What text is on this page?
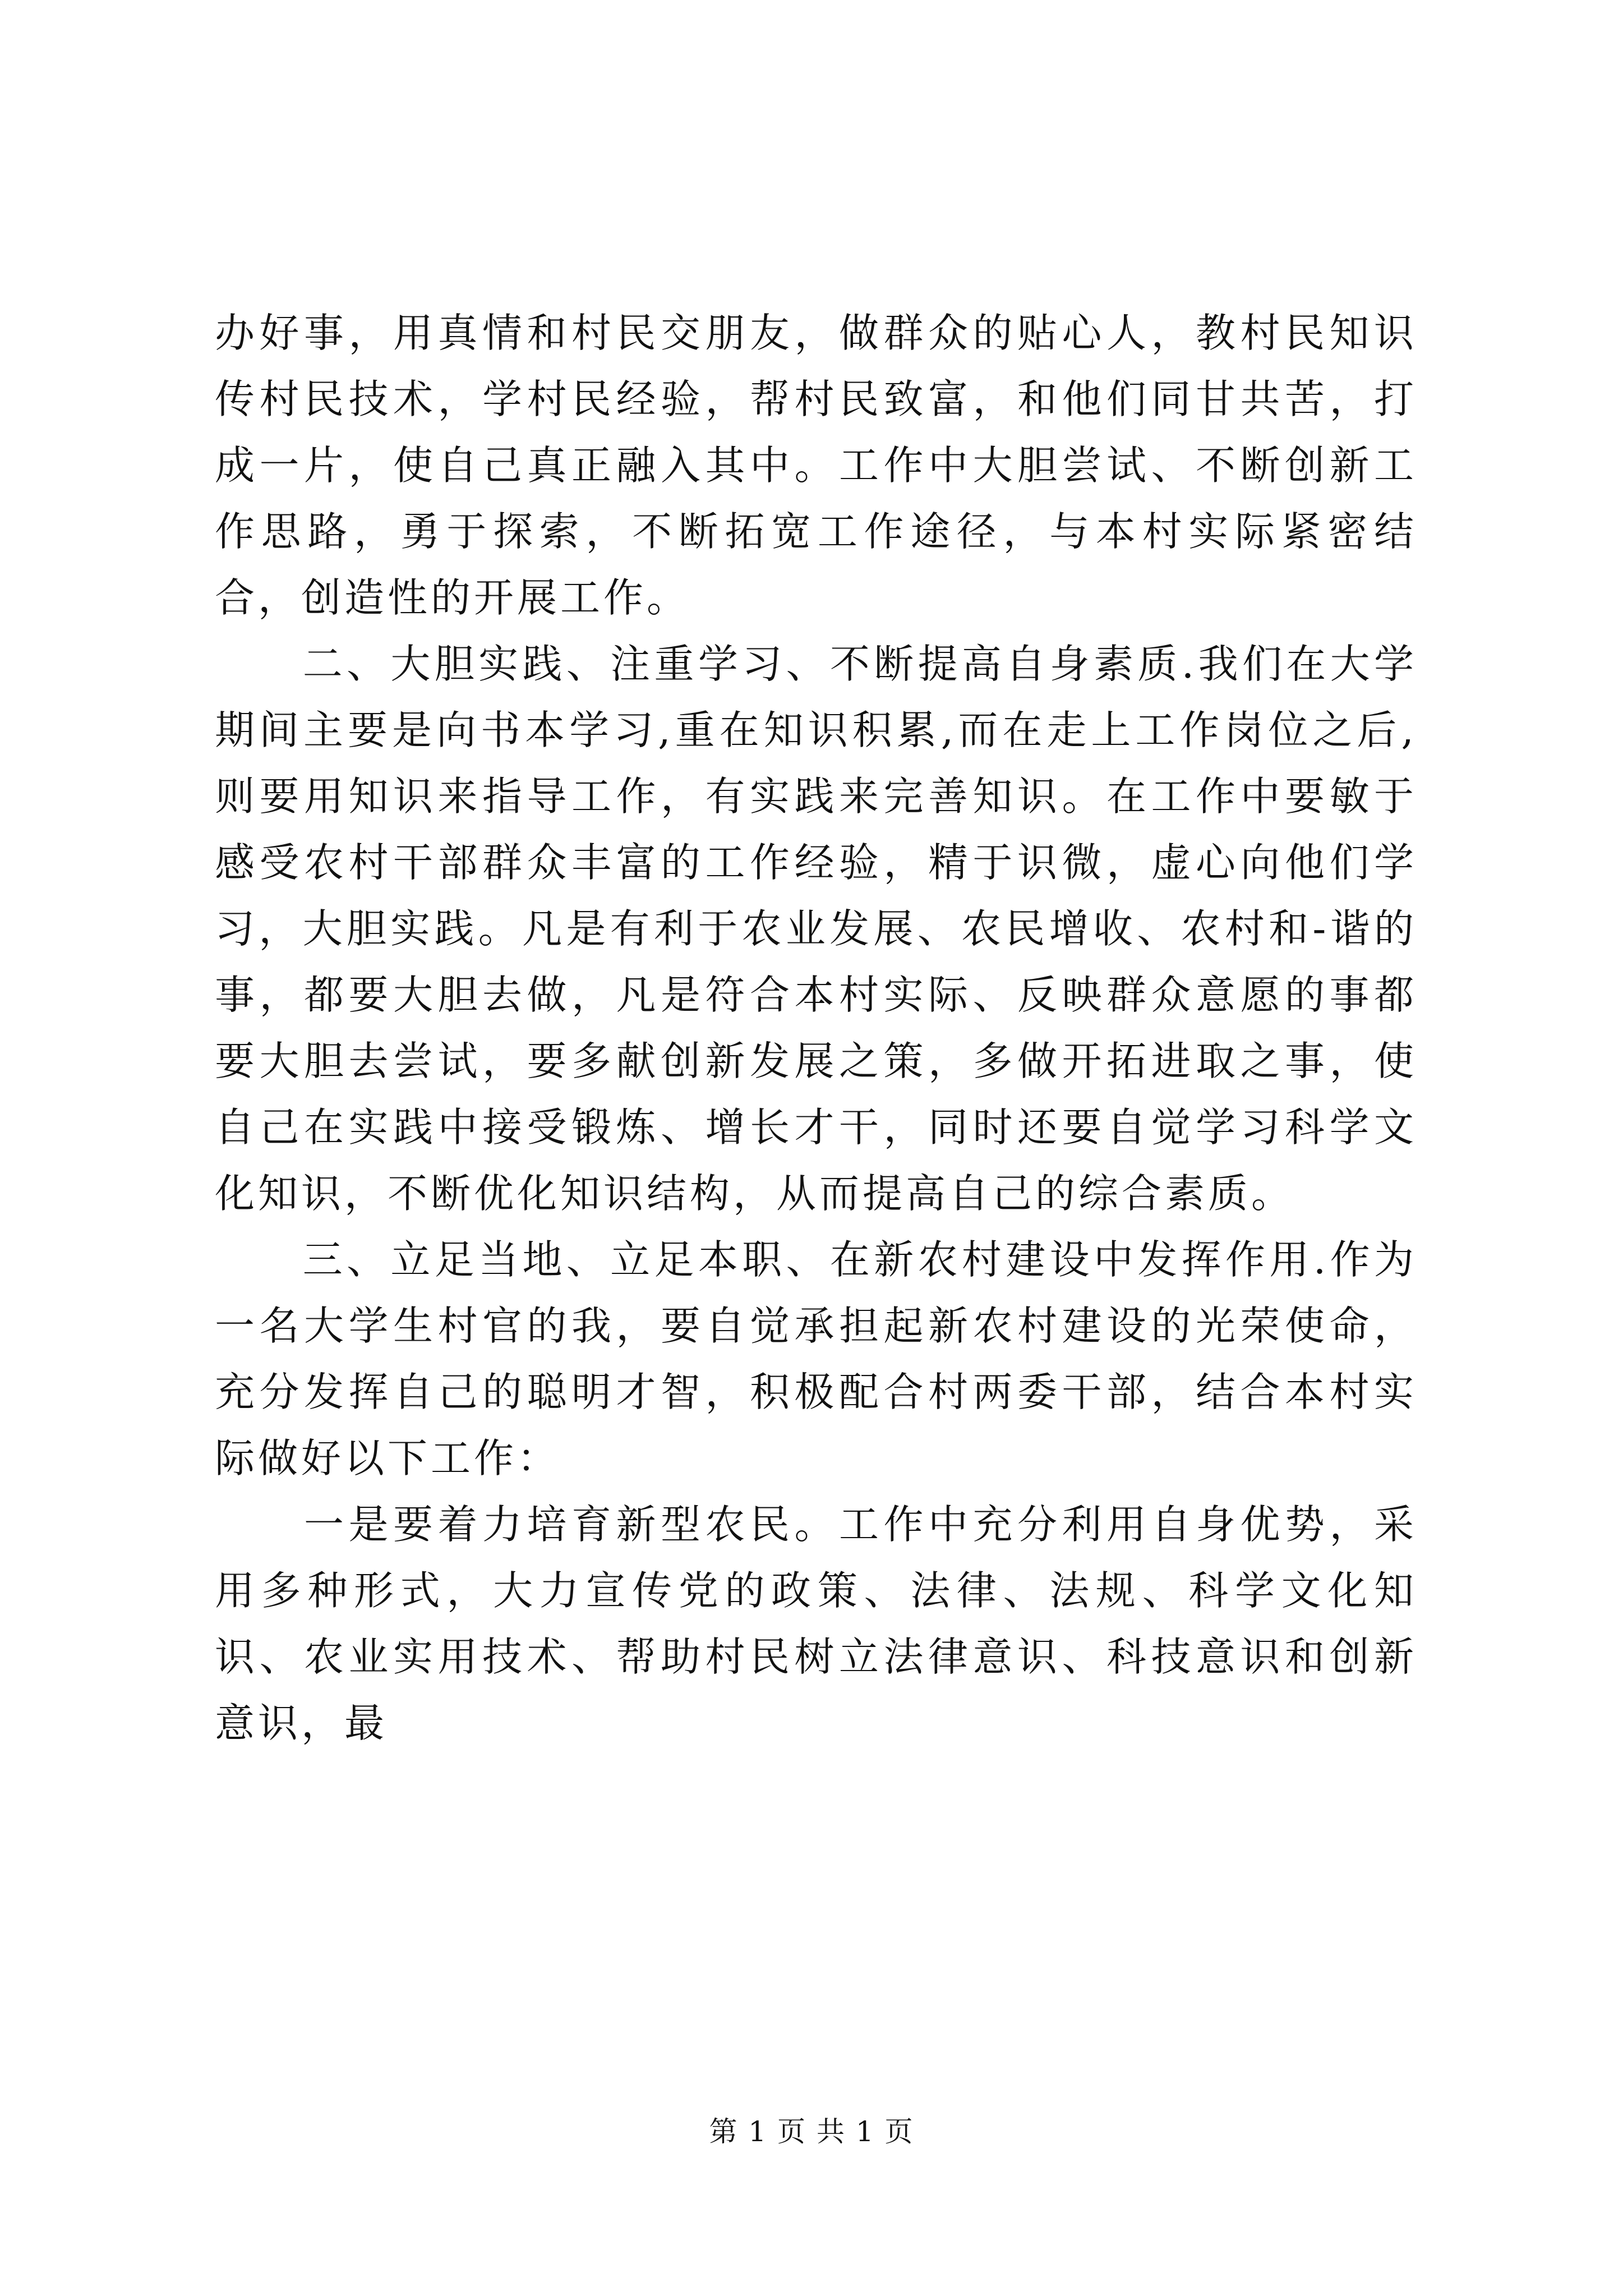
办好事，用真情和村民交朋友，做群众的贴心人，教村民知识传村民技术，学村民经验，帮村民致富，和他们同甘共苦，打成一片，使自己真正融入其中。工作中大胆尝试、不断创新工作思路，勇于探索，不断拓宽工作途径，与本村实际紧密结合，创造性的开展工作。

　　二、大胆实践、注重学习、不断提高自身素质.我们在大学期间主要是向书本学习,重在知识积累,而在走上工作岗位之后,则要用知识来指导工作，有实践来完善知识。在工作中要敏于感受农村干部群众丰富的工作经验，精于识微，虚心向他们学习，大胆实践。凡是有利于农业发展、农民增收、农村和-谐的事，都要大胆去做，凡是符合本村实际、反映群众意愿的事都要大胆去尝试，要多献创新发展之策，多做开拓进取之事，使自己在实践中接受锻炼、增长才干，同时还要自觉学习科学文化知识，不断优化知识结构，从而提高自己的综合素质。

　　三、立足当地、立足本职、在新农村建设中发挥作用.作为一名大学生村官的我，要自觉承担起新农村建设的光荣使命，充分发挥自己的聪明才智，积极配合村两委干部，结合本村实际做好以下工作：

　　一是要着力培育新型农民。工作中充分利用自身优势，采用多种形式，大力宣传党的政策、法律、法规、科学文化知识、农业实用技术、帮助村民树立法律意识、科技意识和创新意识，最

第 1 页 共 1 页
